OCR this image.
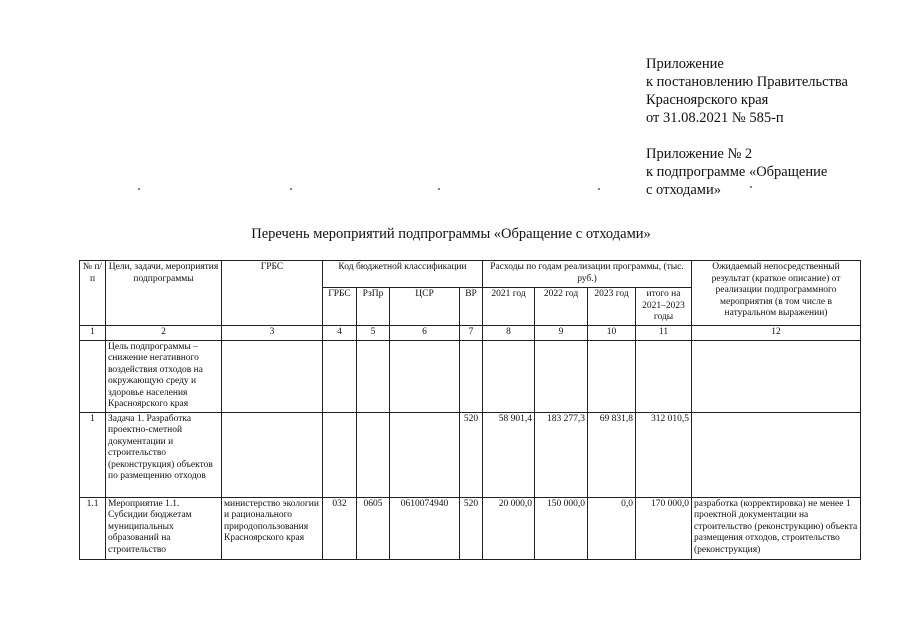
Приложение
к постановлению Правительства
Красноярского края
от 31.08.2021 № 585-п
Приложение № 2
к подпрограмме «Обращение
с отходами»
Перечень мероприятий подпрограммы «Обращение с отходами»
№ п/п	Цели, задачи, мероприятия подпрограммы	ГРБС	Код бюджетной классификации				Расходы по годам реализации программы, (тыс. руб.)				Ожидаемый непосредственный результат (краткое описание) от реализации подпрограммного мероприятия (в том числе в натуральном выражении)
			ГРБС	РзПр	ЦСР	ВР	2021 год	2022 год	2023 год	итого на 2021–2023 годы	
1	2	3	4	5	6	7	8	9	10	11	12
	Цель подпрограммы – снижение негативного воздействия отходов на окружающую среду и здоровье населения Красноярского края										
1	Задача 1. Разработка проектно-сметной документации и строительство (реконструкция) объектов по размещению отходов					520	58 901,4	183 277,3	69 831,8	312 010,5	
1.1	Мероприятие 1.1. Субсидии бюджетам муниципальных образований на строительство	министерство экологии и рационального природопользования Красноярского края	032	0605	0610074940	520	20 000,0	150 000,0	0,0	170 000,0	разработка (корректировка) не менее 1 проектной документации на строительство (реконструкцию) объекта размещения отходов, строительство (реконструкция)
